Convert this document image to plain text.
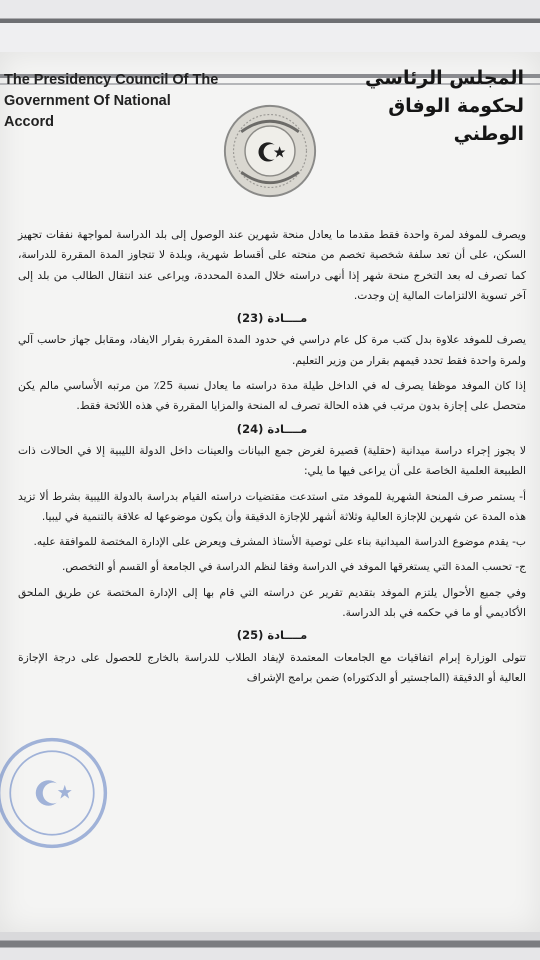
The Presidency Council Of The
Government Of National Accord
المجلس الرئاسي
لحكومة الوفاق الوطني

ويصرف للموفد لمرة واحدة فقط مقدما ما يعادل منحة شهرين عند الوصول إلى بلد الدراسة لمواجهة نفقات تجهيز السكن، على أن تعد سلفة شخصية تخصم من منحته على أقساط شهرية، وبلدة لا تتجاوز المدة المقررة للدراسة، كما تصرف له بعد التخرج منحة شهر إذا أنهى دراسته خلال المدة المحددة، ويراعى عند انتقال الطالب من بلد إلى آخر تسوية الالتزامات المالية إن وجدت.

مــــادة (23)

يصرف للموفد علاوة بدل كتب مرة كل عام دراسي في حدود المدة المقررة بقرار الايفاد، ومقابل جهاز حاسب آلي ولمرة واحدة فقط تحدد قيمهم بقرار من وزير التعليم.

إذا كان الموفد موظفا يصرف له في الداخل طيلة مدة دراسته ما يعادل نسبة 25٪ من مرتبه الأساسي مالم يكن متحصل على إجازة بدون مرتب في هذه الحالة تصرف له المنحة والمزايا المقررة في هذه اللائحة فقط.

مــــادة (24)

لا يجوز إجراء دراسة ميدانية (حقلية) قصيرة لغرض جمع البيانات والعينات داخل الدولة الليبية إلا في الحالات ذات الطبيعة العلمية الخاصة على أن يراعى فيها ما يلي:

أ- يستمر صرف المنحة الشهرية للموفد متى استدعت مقتضيات دراسته القيام بدراسة بالدولة الليبية بشرط ألا تزيد هذه المدة عن شهرين للإجازة العالية وثلاثة أشهر للإجازة الدقيقة وأن يكون موضوعها له علاقة بالتنمية في ليبيا.

ب- يقدم موضوع الدراسة الميدانية بناء على توصية الأستاذ المشرف ويعرض على الإدارة المختصة للموافقة عليه.

ج- تحسب المدة التي يستغرقها الموفد في الدراسة وفقا لنظم الدراسة في الجامعة أو القسم أو التخصص.

وفي جميع الأحوال يلتزم الموفد بتقديم تقرير عن دراسته التي قام بها إلى الإدارة المختصة عن طريق الملحق الأكاديمي أو ما في حكمه في بلد الدراسة.

مــــادة (25)

تتولى الوزارة إبرام اتفاقيات مع الجامعات المعتمدة لإيفاد الطلاب للدراسة بالخارج للحصول على درجة الإجازة العالية أو الدقيقة (الماجستير أو الدكتوراه) ضمن برامج الإشراف
